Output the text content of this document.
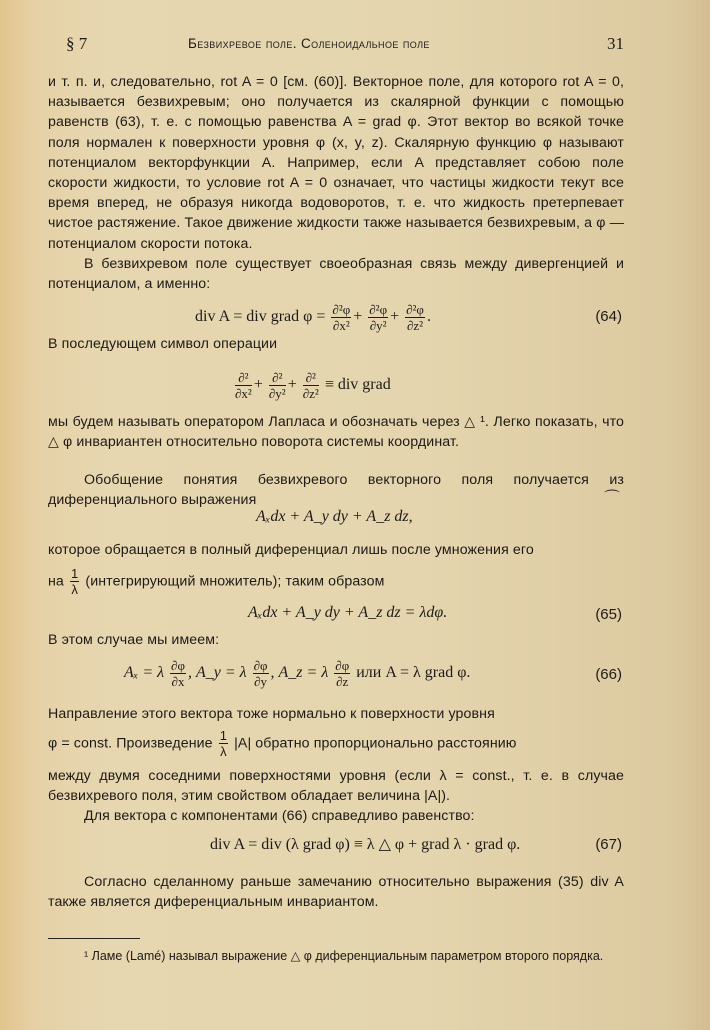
§ 7	Безвихревое поле. Соленоидальное поле	31
и т. п. и, следовательно, rot A = 0 [см. (60)]. Векторное поле, для которого rot A = 0, называется безвихревым; оно получается из скалярной функции с помощью равенств (63), т. е. с помощью равенства A = grad φ. Этот вектор во всякой точке поля нормален к поверхности уровня φ (x, y, z). Скалярную функцию φ называют потенциалом векторфункции A. Например, если A представляет собою поле скорости жидкости, то условие rot A = 0 означает, что частицы жидкости текут все время вперед, не образуя никогда водоворотов, т. е. что жидкость претерпевает чистое растяжение. Такое движение жидкости также называется безвихревым, а φ — потенциалом скорости потока.
В безвихревом поле существует своеобразная связь между дивергенцией и потенциалом, а именно:
div A = div grad $\varphi = \frac{\text{∂²φ}}{\text{∂x²}} + \frac{\text{∂²φ}}{\text{∂y²}} + \frac{\text{∂²φ}}{\text{∂z²}}$ .	(64)
В последующем символ операции
$\frac{\text{∂²}}{\text{∂x²}} + \frac{\text{∂²}}{\text{∂y²}} + \frac{\text{∂²}}{\text{∂z²}}$ ≡ div grad
мы будем называть оператором Лапласа и обозначать через △ ¹. Легко показать, что △ φ инвариантен относительно поворота системы координат.
Обобщение понятия безвихревого векторного поля получается из диференциального выражения
Aₓdx + A_y dy + A_z dz,
которое обращается в полный диференциал лишь после умножения его
на $\frac{1}{\lambda}$ (интегрирующий множитель); таким образом
Aₓdx + A_y dy + A_z dz = λdφ.	(65)
В этом случае мы имеем:
Aₓ = λ $\frac{\partial\varphi}{\partial x}$ , A_y = λ $\frac{\partial\varphi}{\partial y}$ , A_z = λ $\frac{\partial\varphi}{\partial z}$ или A = λ grad φ.	(66)
Направление этого вектора тоже нормально к поверхности уровня
φ = const. Произведение $\frac{1}{\lambda} |A|$ обратно пропорционально расстоянию
между двумя соседними поверхностями уровня (если λ = const., т. е. в случае безвихревого поля, этим свойством обладает величина |A|).
Для вектора с компонентами (66) справедливо равенство:
div A = div (λ grad φ) ≡ λ △ φ + grad λ · grad φ.	(67)
Согласно сделанному раньше замечанию относительно выражения (35) div A также является диференциальным инвариантом.
¹ Ламе (Lamé) называл выражение △ φ диференциальным параметром второго порядка.
⌒
